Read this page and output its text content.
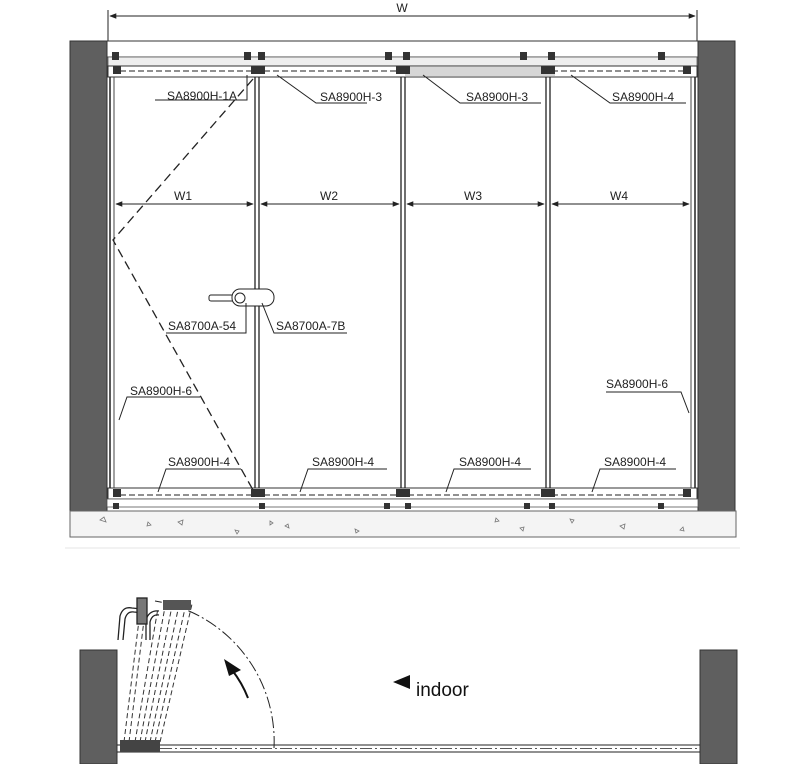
W
W1	W2	W3	W4
SA8900H-1A	SA8900H-3	SA8900H-3	SA8900H-4
SA8700A-54	SA8700A-7B
SA8900H-6	SA8900H-6
SA8900H-4	SA8900H-4	SA8900H-4	SA8900H-4
indoor
